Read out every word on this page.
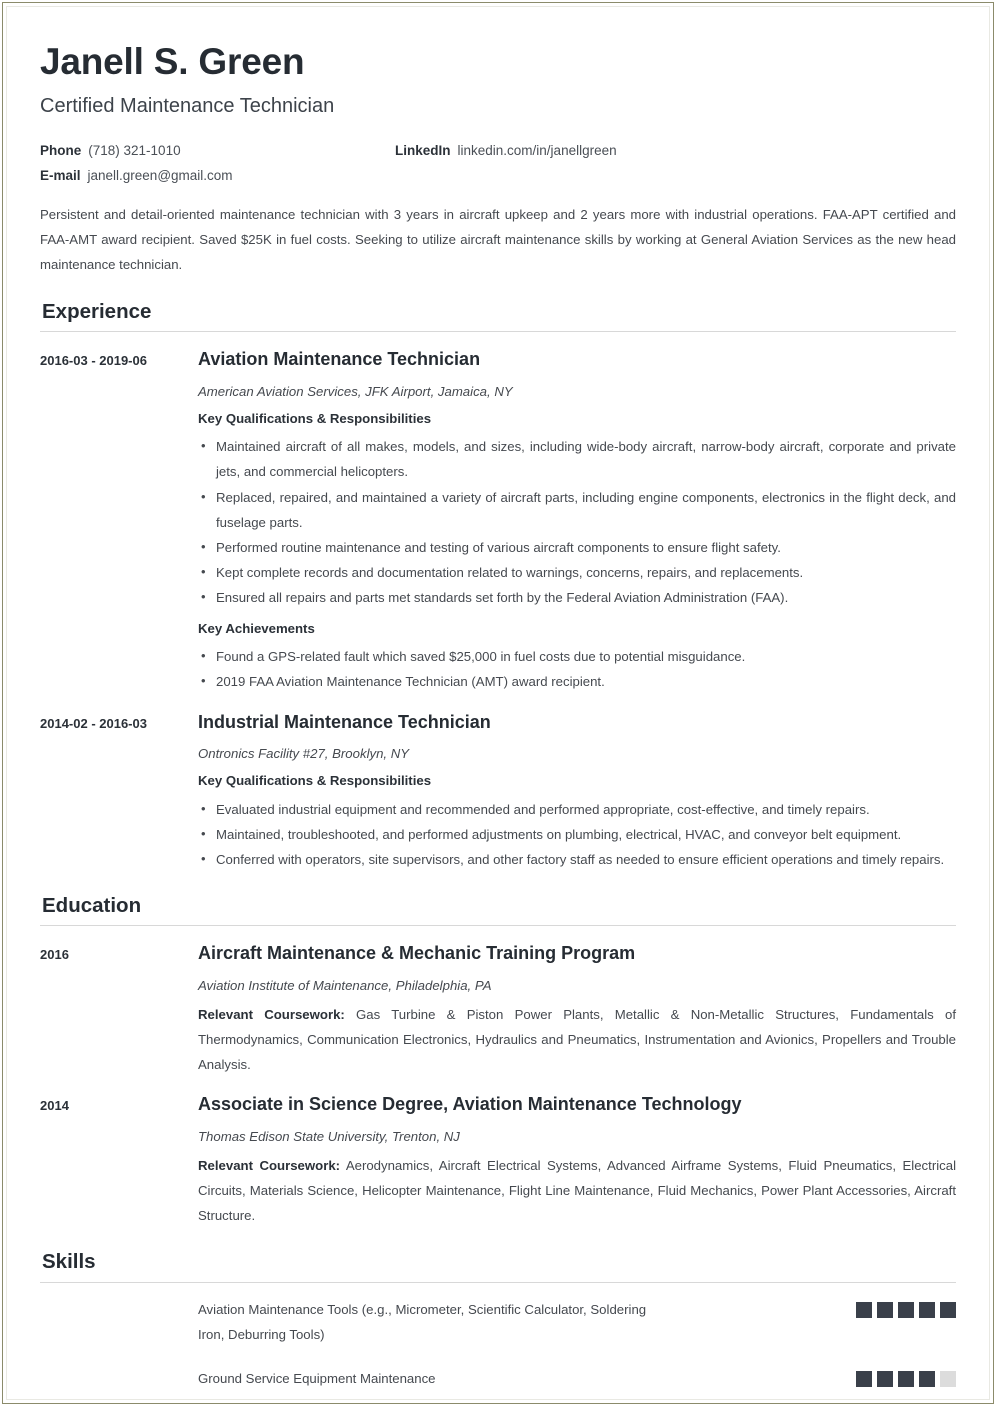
Janell S. Green
Certified Maintenance Technician
Phone (718) 321-1010	LinkedIn linkedin.com/in/janellgreen
E-mail janell.green@gmail.com
Persistent and detail-oriented maintenance technician with 3 years in aircraft upkeep and 2 years more with industrial operations. FAA-APT certified and FAA-AMT award recipient. Saved $25K in fuel costs. Seeking to utilize aircraft maintenance skills by working at General Aviation Services as the new head maintenance technician.
Experience
2016-03 - 2019-06	Aviation Maintenance Technician
American Aviation Services, JFK Airport, Jamaica, NY
Key Qualifications & Responsibilities
• Maintained aircraft of all makes, models, and sizes, including wide-body aircraft, narrow-body aircraft, corporate and private jets, and commercial helicopters.
• Replaced, repaired, and maintained a variety of aircraft parts, including engine components, electronics in the flight deck, and fuselage parts.
• Performed routine maintenance and testing of various aircraft components to ensure flight safety.
• Kept complete records and documentation related to warnings, concerns, repairs, and replacements.
• Ensured all repairs and parts met standards set forth by the Federal Aviation Administration (FAA).
Key Achievements
• Found a GPS-related fault which saved $25,000 in fuel costs due to potential misguidance.
• 2019 FAA Aviation Maintenance Technician (AMT) award recipient.
2014-02 - 2016-03	Industrial Maintenance Technician
Ontronics Facility #27, Brooklyn, NY
Key Qualifications & Responsibilities
• Evaluated industrial equipment and recommended and performed appropriate, cost-effective, and timely repairs.
• Maintained, troubleshooted, and performed adjustments on plumbing, electrical, HVAC, and conveyor belt equipment.
• Conferred with operators, site supervisors, and other factory staff as needed to ensure efficient operations and timely repairs.
Education
2016	Aircraft Maintenance & Mechanic Training Program
Aviation Institute of Maintenance, Philadelphia, PA
Relevant Coursework: Gas Turbine & Piston Power Plants, Metallic & Non-Metallic Structures, Fundamentals of Thermodynamics, Communication Electronics, Hydraulics and Pneumatics, Instrumentation and Avionics, Propellers and Trouble Analysis.
2014	Associate in Science Degree, Aviation Maintenance Technology
Thomas Edison State University, Trenton, NJ
Relevant Coursework: Aerodynamics, Aircraft Electrical Systems, Advanced Airframe Systems, Fluid Pneumatics, Electrical Circuits, Materials Science, Helicopter Maintenance, Flight Line Maintenance, Fluid Mechanics, Power Plant Accessories, Aircraft Structure.
Skills
Aviation Maintenance Tools (e.g., Micrometer, Scientific Calculator, Soldering Iron, Deburring Tools)
Ground Service Equipment Maintenance
